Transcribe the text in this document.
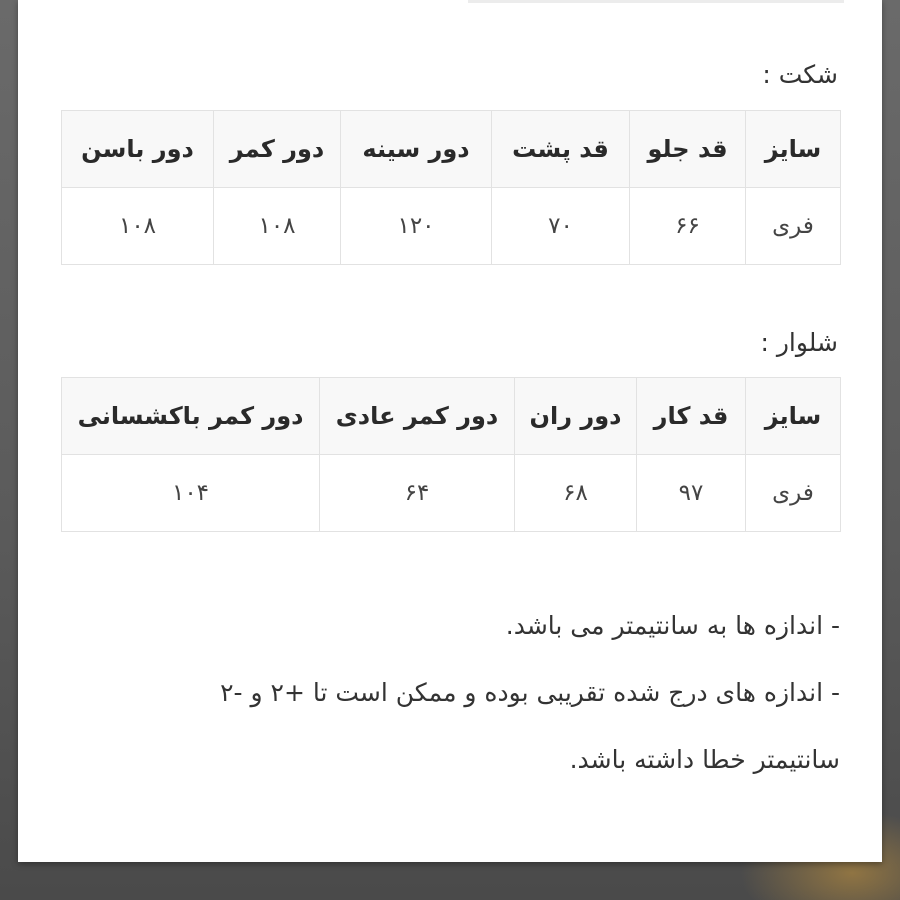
شکت :
سایز	قد جلو	قد پشت	دور سینه	دور کمر	دور باسن
فری	۶۶	۷۰	۱۲۰	۱۰۸	۱۰۸
شلوار :
سایز	قد کار	دور ران	دور کمر عادی	دور کمر باکشسانی
فری	۹۷	۶۸	۶۴	۱۰۴
- اندازه ها به سانتیمتر می باشد.
- اندازه های درج شده تقریبی بوده و ممکن است تا +۲ و -۲
سانتیمتر خطا داشته باشد.
